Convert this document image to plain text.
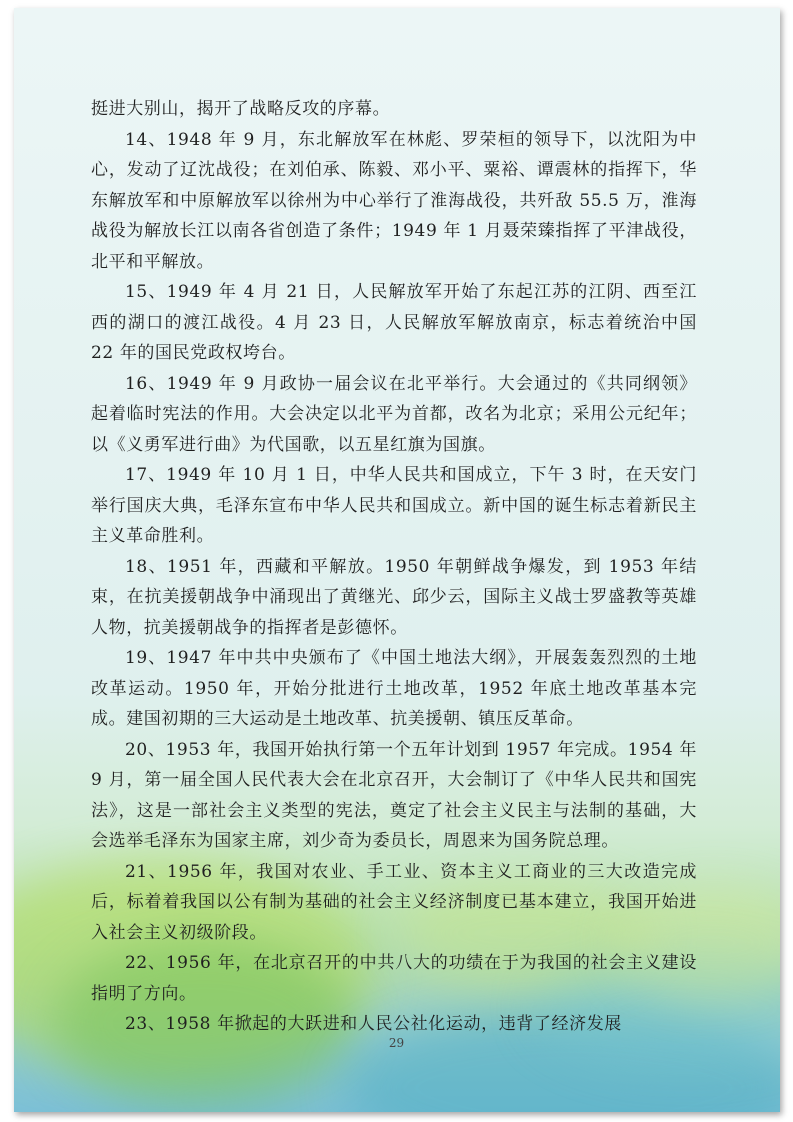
挺进大别山，揭开了战略反攻的序幕。

14、1948 年 9 月，东北解放军在林彪、罗荣桓的领导下，以沈阳为中心，发动了辽沈战役；在刘伯承、陈毅、邓小平、粟裕、谭震林的指挥下，华东解放军和中原解放军以徐州为中心举行了淮海战役，共歼敌 55.5 万，淮海战役为解放长江以南各省创造了条件；1949 年 1 月聂荣臻指挥了平津战役，北平和平解放。

15、1949 年 4 月 21 日，人民解放军开始了东起江苏的江阴、西至江西的湖口的渡江战役。4 月 23 日，人民解放军解放南京，标志着统治中国 22 年的国民党政权垮台。

16、1949 年 9 月政协一届会议在北平举行。大会通过的《共同纲领》起着临时宪法的作用。大会决定以北平为首都，改名为北京；采用公元纪年；以《义勇军进行曲》为代国歌，以五星红旗为国旗。

17、1949 年 10 月 1 日，中华人民共和国成立，下午 3 时，在天安门举行国庆大典，毛泽东宣布中华人民共和国成立。新中国的诞生标志着新民主主义革命胜利。

18、1951 年，西藏和平解放。1950 年朝鲜战争爆发，到 1953 年结束，在抗美援朝战争中涌现出了黄继光、邱少云，国际主义战士罗盛教等英雄人物，抗美援朝战争的指挥者是彭德怀。

19、1947 年中共中央颁布了《中国土地法大纲》，开展轰轰烈烈的土地改革运动。1950 年，开始分批进行土地改革，1952 年底土地改革基本完成。建国初期的三大运动是土地改革、抗美援朝、镇压反革命。

20、1953 年，我国开始执行第一个五年计划到 1957 年完成。1954 年 9 月，第一届全国人民代表大会在北京召开，大会制订了《中华人民共和国宪法》，这是一部社会主义类型的宪法，奠定了社会主义民主与法制的基础，大会选举毛泽东为国家主席，刘少奇为委员长，周恩来为国务院总理。

21、1956 年，我国对农业、手工业、资本主义工商业的三大改造完成后，标着着我国以公有制为基础的社会主义经济制度已基本建立，我国开始进入社会主义初级阶段。

22、1956 年，在北京召开的中共八大的功绩在于为我国的社会主义建设指明了方向。

23、1958 年掀起的大跃进和人民公社化运动，违背了经济发展

29
